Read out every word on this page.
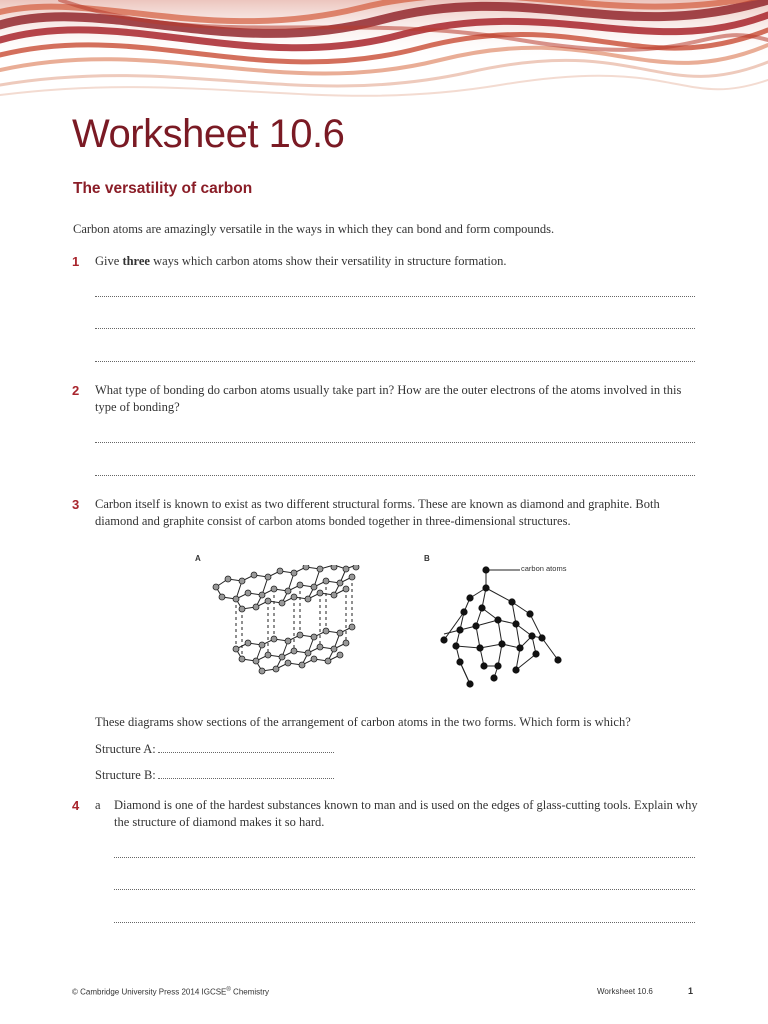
Worksheet 10.6
The versatility of carbon
Carbon atoms are amazingly versatile in the ways in which they can bond and form compounds.
1 Give three ways which carbon atoms show their versatility in structure formation.
2 What type of bonding do carbon atoms usually take part in? How are the outer electrons of the atoms involved in this type of bonding?
3 Carbon itself is known to exist as two different structural forms. These are known as diamond and graphite. Both diamond and graphite consist of carbon atoms bonded together in three-dimensional structures.
A	B
carbon atoms
These diagrams show sections of the arrangement of carbon atoms in the two forms. Which form is which?
Structure A:
Structure B:
4 a	Diamond is one of the hardest substances known to man and is used on the edges of glass-cutting tools. Explain why the structure of diamond makes it so hard.
© Cambridge University Press 2014 IGCSE® Chemistry	Worksheet 10.6	1
